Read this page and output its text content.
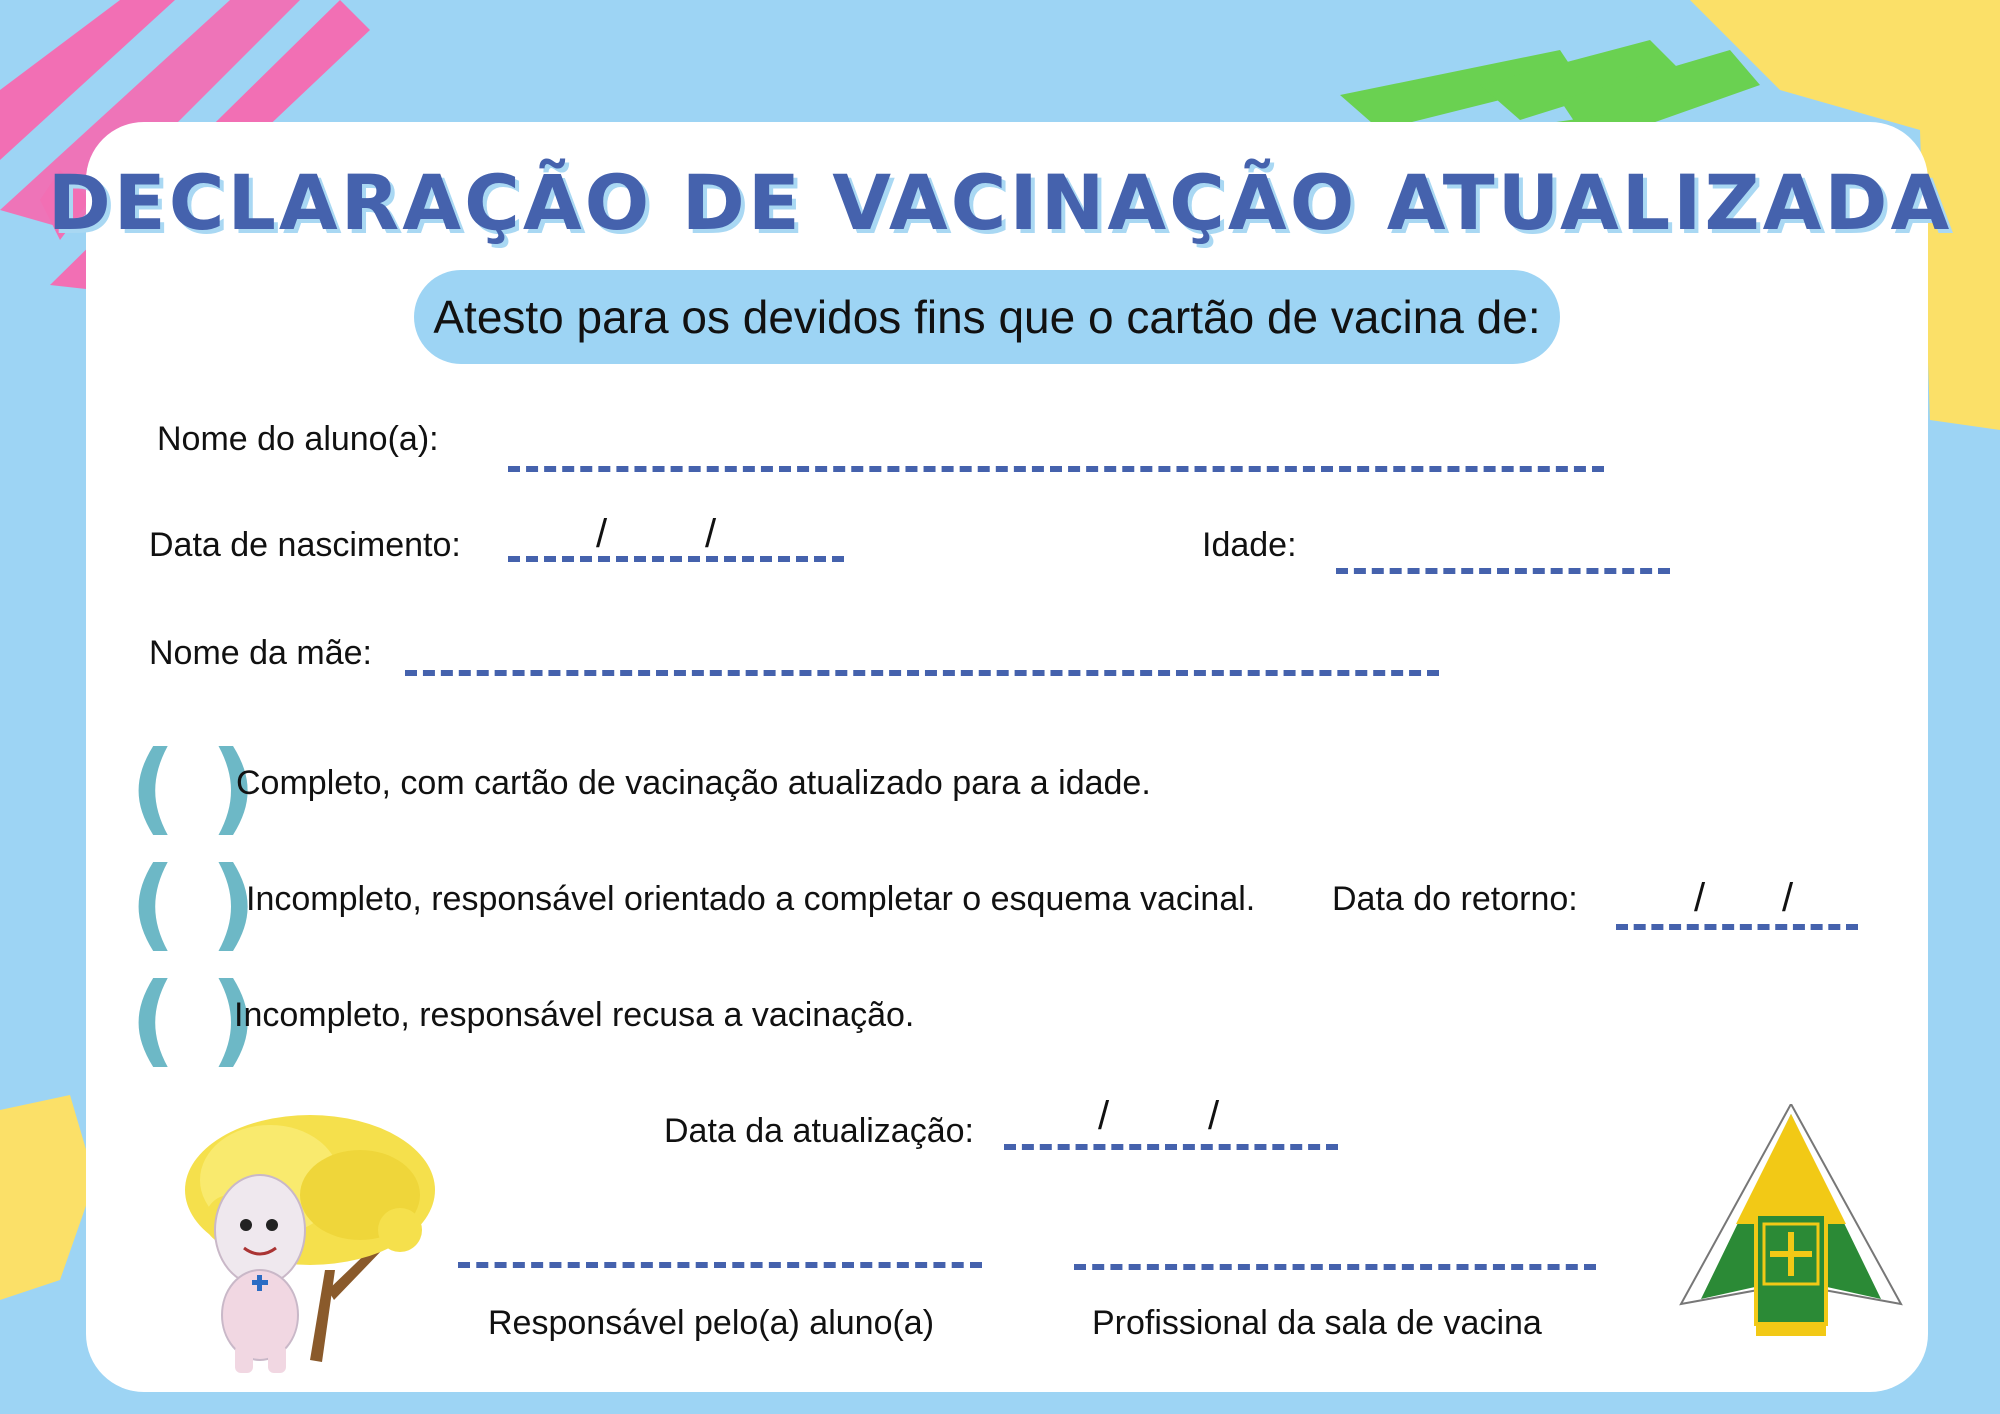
DECLARAÇÃO DE VACINAÇÃO ATUALIZADA
Atesto para os devidos fins que o cartão de vacina de:
Nome do aluno(a):
Data de nascimento:	/ /	Idade:
Nome da mãe:
( )
Completo, com cartão de vacinação atualizado para a idade.
( )
Incompleto, responsável orientado a completar o esquema vacinal. Data do retorno:	/ /
( )
Incompleto, responsável recusa a vacinação.
Data da atualização:	/ /
Responsável pelo(a) aluno(a)	Profissional da sala de vacina
